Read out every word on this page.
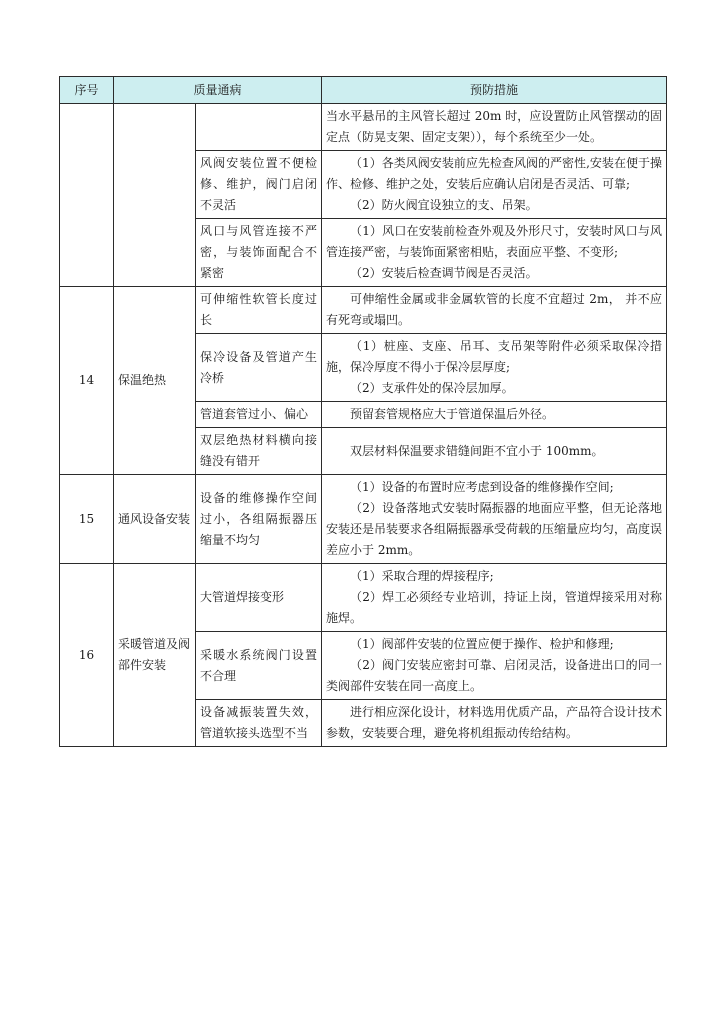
序号	质量通病		预防措施

			当水平悬吊的主风管长超过 20m 时，应设置防止风管摆动的固定点（防晃支架、固定支架）），每个系统至少一处。

		风阀安装位置不便检修、维护，阀门启闭不灵活	（1）各类风阀安装前应先检查风阀的严密性,安装在便于操作、检修、维护之处，安装后应确认启闭是否灵活、可靠;
（2）防火阀宜设独立的支、吊架。

		风口与风管连接不严密，与装饰面配合不紧密	（1）风口在安装前检查外观及外形尺寸，安装时风口与风管连接严密，与装饰面紧密相贴，表面应平整、不变形;
（2）安装后检查调节阀是否灵活。

14	保温绝热	可伸缩性软管长度过长	可伸缩性金属或非金属软管的长度不宜超过 2m， 并不应有死弯或塌凹。

		保冷设备及管道产生冷桥	（1）桩座、支座、吊耳、支吊架等附件必须采取保冷措施，保冷厚度不得小于保冷层厚度;
（2）支承件处的保冷层加厚。

		管道套管过小、偏心	预留套管规格应大于管道保温后外径。

		双层绝热材料横向接缝没有错开	双层材料保温要求错缝间距不宜小于 100mm。

15	通风设备安装	设备的维修操作空间过小，各组隔振器压缩量不均匀	（1）设备的布置时应考虑到设备的维修操作空间;
（2）设备落地式安装时隔振器的地面应平整，但无论落地安装还是吊装要求各组隔振器承受荷载的压缩量应均匀，高度误差应小于 2mm。

16	采暖管道及阀部件安装	大管道焊接变形	（1）采取合理的焊接程序;
（2）焊工必须经专业培训，持证上岗，管道焊接采用对称施焊。

		采暖水系统阀门设置不合理	（1）阀部件安装的位置应便于操作、检护和修理;
（2）阀门安装应密封可靠、启闭灵活，设备进出口的同一类阀部件安装在同一高度上。

		设备减振装置失效，管道软接头选型不当	进行相应深化设计，材料选用优质产品，产品符合设计技术参数，安装要合理，避免将机组振动传给结构。
